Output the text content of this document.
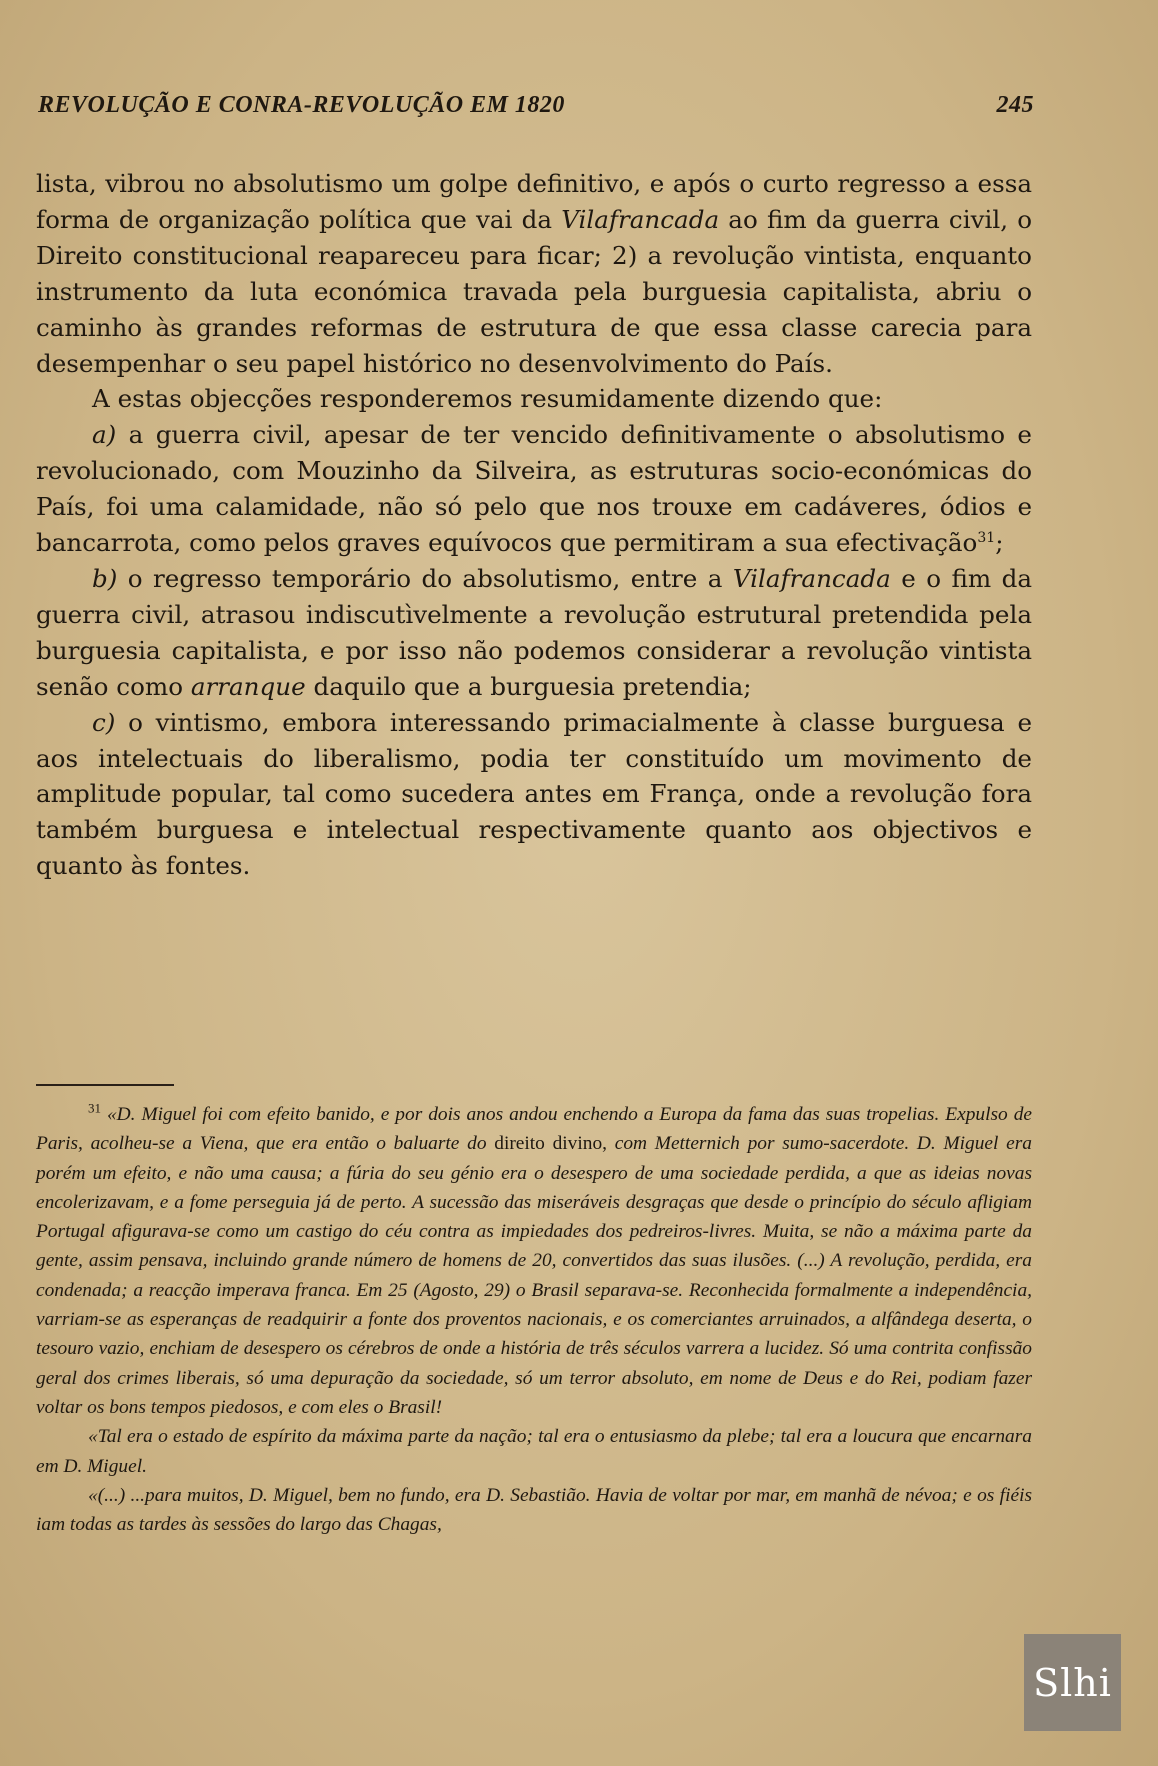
REVOLUÇÃO E CONRA-REVOLUÇÃO EM 1820	245

lista, vibrou no absolutismo um golpe definitivo, e após o curto regresso a essa forma de organização política que vai da Vilafrancada ao fim da guerra civil, o Direito constitucional reapareceu para ficar; 2) a revolução vintista, enquanto instrumento da luta económica travada pela burguesia capitalista, abriu o caminho às grandes reformas de estrutura de que essa classe carecia para desempenhar o seu papel histórico no desenvolvimento do País.

A estas objecções responderemos resumidamente dizendo que:

a) a guerra civil, apesar de ter vencido definitivamente o absolutismo e revolucionado, com Mouzinho da Silveira, as estruturas socio-económicas do País, foi uma calamidade, não só pelo que nos trouxe em cadáveres, ódios e bancarrota, como pelos graves equívocos que permitiram a sua efectivação$^{31}$;

b) o regresso temporário do absolutismo, entre a Vilafrancada e o fim da guerra civil, atrasou indiscutìvelmente a revolução estrutural pretendida pela burguesia capitalista, e por isso não podemos considerar a revolução vintista senão como arranque daquilo que a burguesia pretendia;

c) o vintismo, embora interessando primacialmente à classe burguesa e aos intelectuais do liberalismo, podia ter constituído um movimento de amplitude popular, tal como sucedera antes em França, onde a revolução fora também burguesa e intelectual respectivamente quanto aos objectivos e quanto às fontes.

$^{31}$ «D. Miguel foi com efeito banido, e por dois anos andou enchendo a Europa da fama das suas tropelias. Expulso de Paris, acolheu-se a Viena, que era então o baluarte do direito divino, com Metternich por sumo-sacerdote. D. Miguel era porém um efeito, e não uma causa; a fúria do seu génio era o desespero de uma sociedade perdida, a que as ideias novas encolerizavam, e a fome perseguia já de perto. A sucessão das miseráveis desgraças que desde o princípio do século afligiam Portugal afigurava-se como um castigo do céu contra as impiedades dos pedreiros-livres. Muita, se não a máxima parte da gente, assim pensava, incluindo grande número de homens de 20, convertidos das suas ilusões. (...) A revolução, perdida, era condenada; a reacção imperava franca. Em 25 (Agosto, 29) o Brasil separava-se. Reconhecida formalmente a independência, varriam-se as esperanças de readquirir a fonte dos proventos nacionais, e os comerciantes arruinados, a alfândega deserta, o tesouro vazio, enchiam de desespero os cérebros de onde a história de três séculos varrera a lucidez. Só uma contrita confissão geral dos crimes liberais, só uma depuração da sociedade, só um terror absoluto, em nome de Deus e do Rei, podiam fazer voltar os bons tempos piedosos, e com eles o Brasil!

«Tal era o estado de espírito da máxima parte da nação; tal era o entusiasmo da plebe; tal era a loucura que encarnara em D. Miguel.

«(...) ...para muitos, D. Miguel, bem no fundo, era D. Sebastião. Havia de voltar por mar, em manhã de névoa; e os fiéis iam todas as tardes às sessões do largo das Chagas,

Slhi
